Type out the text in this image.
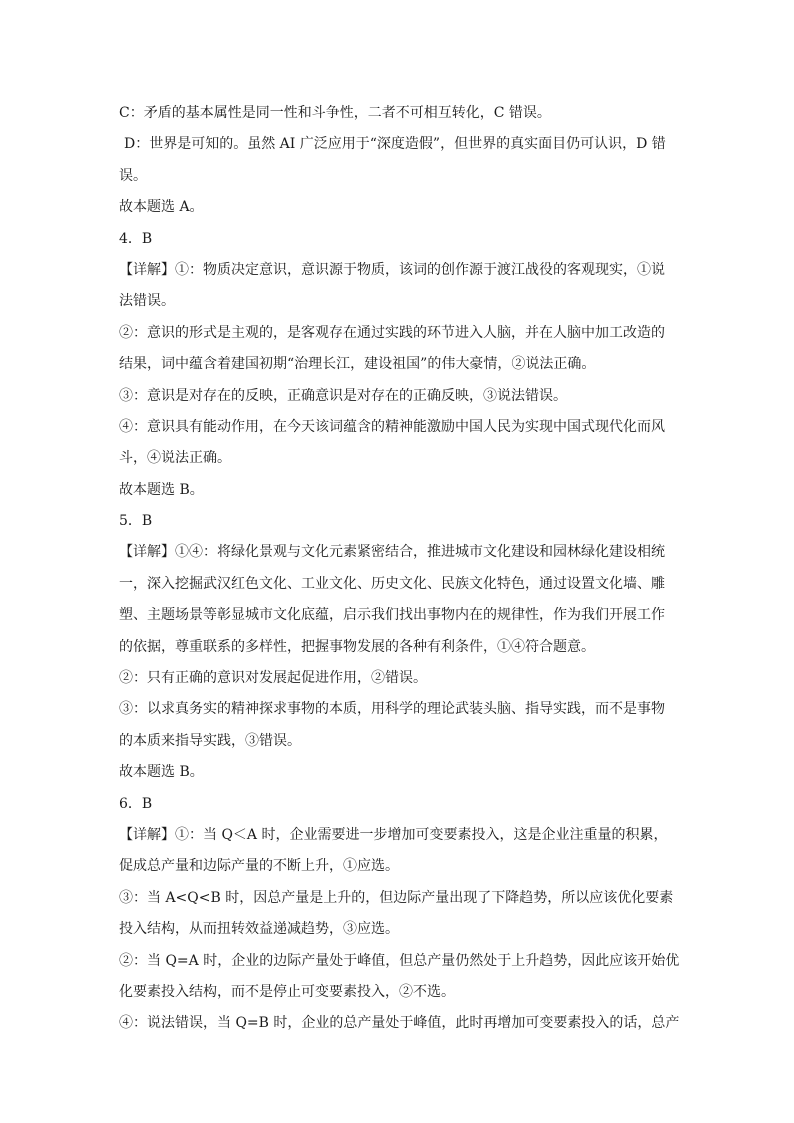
C：矛盾的基本属性是同一性和斗争性，二者不可相互转化，C 错误。
D：世界是可知的。虽然 AI 广泛应用于“深度造假”，但世界的真实面目仍可认识，D 错
误。
故本题选 A。
4．B
【详解】①：物质决定意识，意识源于物质，该词的创作源于渡江战役的客观现实，①说
法错误。
②：意识的形式是主观的，是客观存在通过实践的环节进入人脑，并在人脑中加工改造的
结果，词中蕴含着建国初期“治理长江，建设祖国”的伟大豪情，②说法正确。
③：意识是对存在的反映，正确意识是对存在的正确反映，③说法错误。
④：意识具有能动作用，在今天该词蕴含的精神能激励中国人民为实现中国式现代化而风
斗，④说法正确。
故本题选 B。
5．B
【详解】①④：将绿化景观与文化元素紧密结合，推进城市文化建设和园林绿化建设相统
一，深入挖掘武汉红色文化、工业文化、历史文化、民族文化特色，通过设置文化墙、雕
塑、主题场景等彰显城市文化底蕴，启示我们找出事物内在的规律性，作为我们开展工作
的依据，尊重联系的多样性，把握事物发展的各种有利条件，①④符合题意。
②：只有正确的意识对发展起促进作用，②错误。
③：以求真务实的精神探求事物的本质，用科学的理论武装头脑、指导实践，而不是事物
的本质来指导实践，③错误。
故本题选 B。
6．B
【详解】①：当 Q＜A 时，企业需要进一步增加可变要素投入，这是企业注重量的积累，
促成总产量和边际产量的不断上升，①应选。
③：当 A<Q<B 时，因总产量是上升的，但边际产量出现了下降趋势，所以应该优化要素
投入结构，从而扭转效益递减趋势，③应选。
②：当 Q=A 时，企业的边际产量处于峰值，但总产量仍然处于上升趋势，因此应该开始优
化要素投入结构，而不是停止可变要素投入，②不选。
④：说法错误，当 Q=B 时，企业的总产量处于峰值，此时再增加可变要素投入的话，总产
